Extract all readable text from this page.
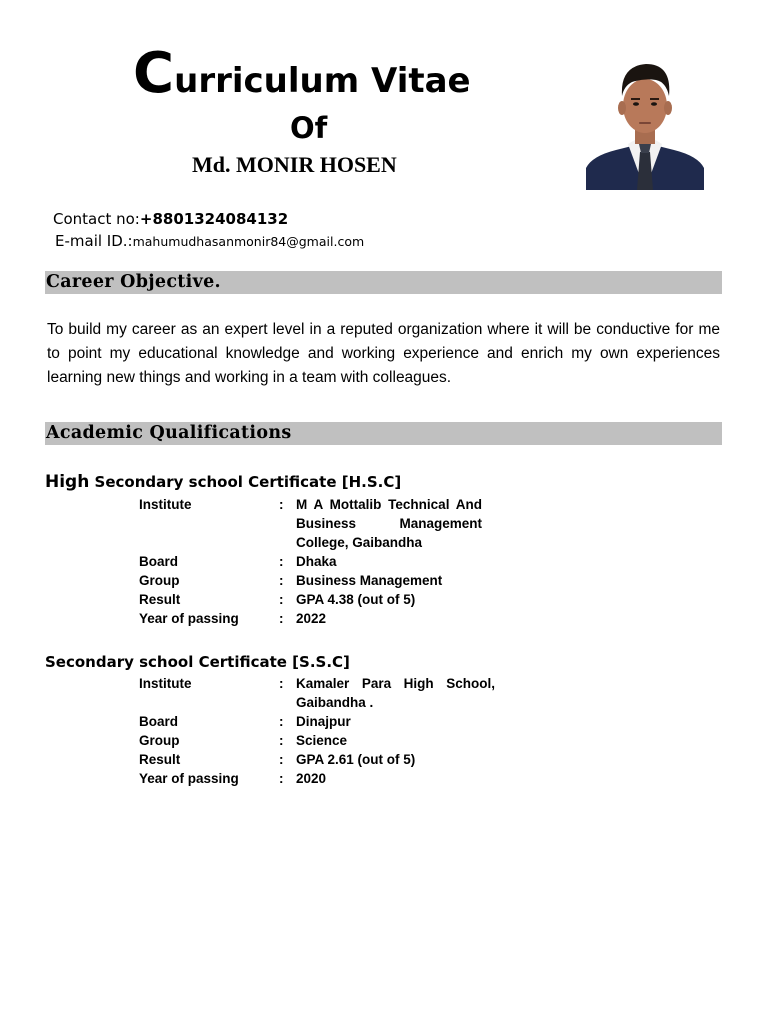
Curriculum Vitae
Of
Md. MONIR HOSEN
Contact no:+8801324084132
E-mail ID.:mahumudhasanmonir84@gmail.com
Career Objective.
To build my career as an expert level in a reputed organization where it will be conductive for me to point my educational knowledge and working experience and enrich my own experiences learning new things and working in a team with colleagues.
Academic Qualifications
High Secondary school Certificate [H.S.C]
Institute	: M A Mottalib Technical And Business Management College, Gaibandha
Board	: Dhaka
Group	: Business Management
Result	: GPA 4.38 (out of 5)
Year of passing	: 2022
Secondary school Certificate [S.S.C]
Institute	: Kamaler Para High School, Gaibandha .
Board	: Dinajpur
Group	: Science
Result	: GPA 2.61 (out of 5)
Year of passing	: 2020
